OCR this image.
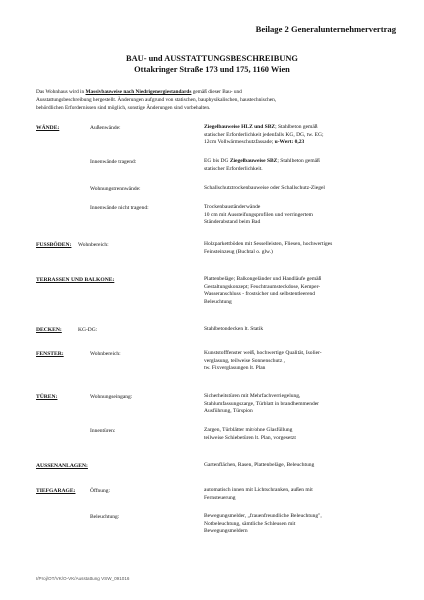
Beilage 2 Generalunternehmervertrag
BAU- und AUSSTATTUNGSBESCHREIBUNG
Ottakringer Straße 173 und 175, 1160 Wien
Das Wohnhaus wird in Massivbauweise nach Niedrigenergiestandards gemäß dieser Bau- und
Ausstattungsbeschreibung hergestellt. Änderungen aufgrund von statischen, bauphysikalischen, haustechnischen,
behördlichen Erfordernissen sind möglich, sonstige Änderungen sind vorbehalten.
WÄNDE:	Außenwände:	Ziegelbauweise HLZ und SBZ; Stahlbeton gemäß
statischer Erforderlichkeit jedenfalls KG, DG, tw. EG;
12cm Vollwärmeschutzfassade; u-Wert: 0,23
Innenwände tragend:	EG bis DG Ziegelbauweise SBZ; Stahlbeton gemäß
statischer Erforderlichkeit.
Wohnungstrennwände:	Schallschutztrockenbauweise oder Schallschutz-Ziegel
Innenwände nicht tragend:	Trockenbauständerwände
10 cm mit Aussteifungsprofilen und verringertem
Ständerabstand beim Bad
FUSSBÖDEN: Wohnbereich:	Holzparkettböden mit Sesselleisten, Fliesen, hochwertiges
Feinsteinzeug (Buchtal o. glw.)
TERRASSEN UND BALKONE:	Plattenbeläge; Balkongeländer und Handläufe gemäß
Gestaltungskonzept; Feuchtraumsteckdose, Kemper-
Wasseranschluss - frostsicher und selbstentleerend
Beleuchtung
DECKEN:	KG-DG:	Stahlbetondecken lt. Statik
FENSTER:	Wohnbereich:	Kunststofffenster weiß, hochwertige Qualität, Isolier-
verglasung, teilweise Sonnenschutz ,
tw. Fixverglasungen lt. Plan
TÜREN:	Wohnungseingang:	Sicherheitstüren mit Mehrfachverriegelung,
Stahlumfassungszarge, Türblatt in brandhemmender
Ausführung, Türspion
Innentüren:	Zargen, Türblätter mit/ohne Glasfüllung
teilweise Schiebetüren lt. Plan, vorgesetzt
AUSSENANLAGEN:	Gartenflächen, Rasen, Plattenbeläge, Beleuchtung
TIEFGARAGE:	Öffnung:	automatisch innen mit Lichtschranken, außen mit
Fernsteuerung
Beleuchtung:	Bewegungsmelder, „frauenfreundliche Beleuchtung",
Notbeleuchtung, sämtliche Schleusen mit
Bewegungsmeldern
I/Proj/OT/VK/O-VK/Ausstattung VSW_091016
